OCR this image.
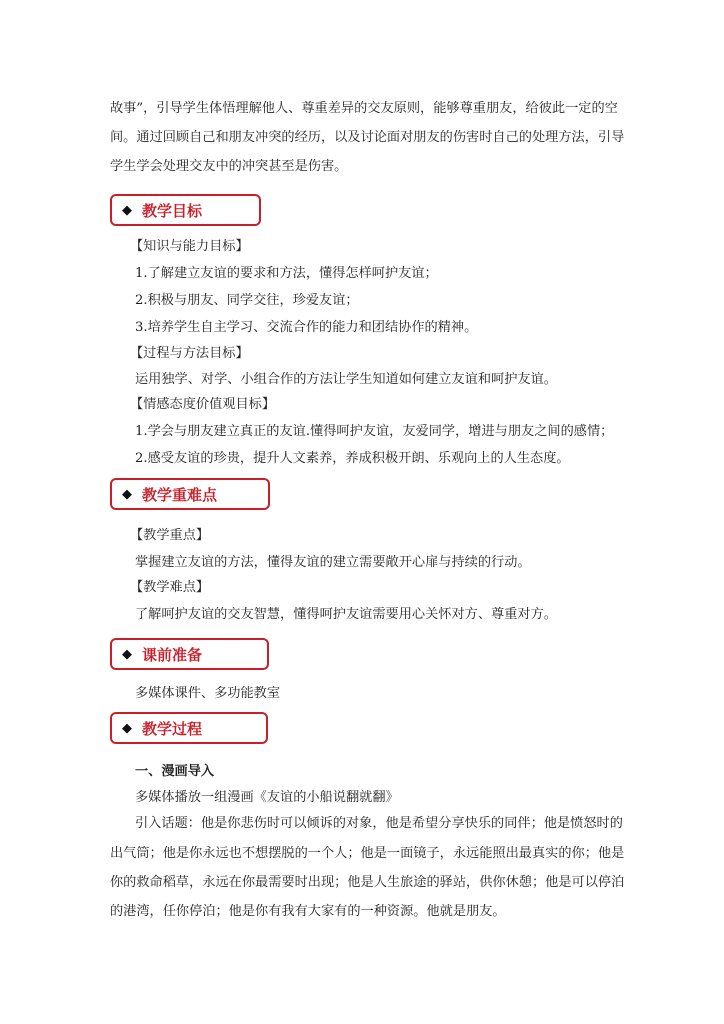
故事”，引导学生体悟理解他人、尊重差异的交友原则，能够尊重朋友，给彼此一定的空
间。通过回顾自己和朋友冲突的经历，以及讨论面对朋友的伤害时自己的处理方法，引导
学生学会处理交友中的冲突甚至是伤害。
◆ 教学目标
【知识与能力目标】
1.了解建立友谊的要求和方法，懂得怎样呵护友谊；
2.积极与朋友、同学交往，珍爱友谊；
3.培养学生自主学习、交流合作的能力和团结协作的精神。
【过程与方法目标】
运用独学、对学、小组合作的方法让学生知道如何建立友谊和呵护友谊。
【情感态度价值观目标】
1.学会与朋友建立真正的友谊.懂得呵护友谊，友爱同学，增进与朋友之间的感情；
2.感受友谊的珍贵，提升人文素养，养成积极开朗、乐观向上的人生态度。
◆ 教学重难点
【教学重点】
掌握建立友谊的方法，懂得友谊的建立需要敞开心扉与持续的行动。
【教学难点】
了解呵护友谊的交友智慧，懂得呵护友谊需要用心关怀对方、尊重对方。
◆ 课前准备
多媒体课件、多功能教室
◆ 教学过程
一、漫画导入
多媒体播放一组漫画《友谊的小船说翻就翻》
引入话题：他是你悲伤时可以倾诉的对象，他是希望分享快乐的同伴；他是愤怒时的
出气筒；他是你永远也不想摆脱的一个人；他是一面镜子，永远能照出最真实的你；他是
你的救命稻草，永远在你最需要时出现；他是人生旅途的驿站，供你休憩；他是可以停泊
的港湾，任你停泊；他是你有我有大家有的一种资源。他就是朋友。
